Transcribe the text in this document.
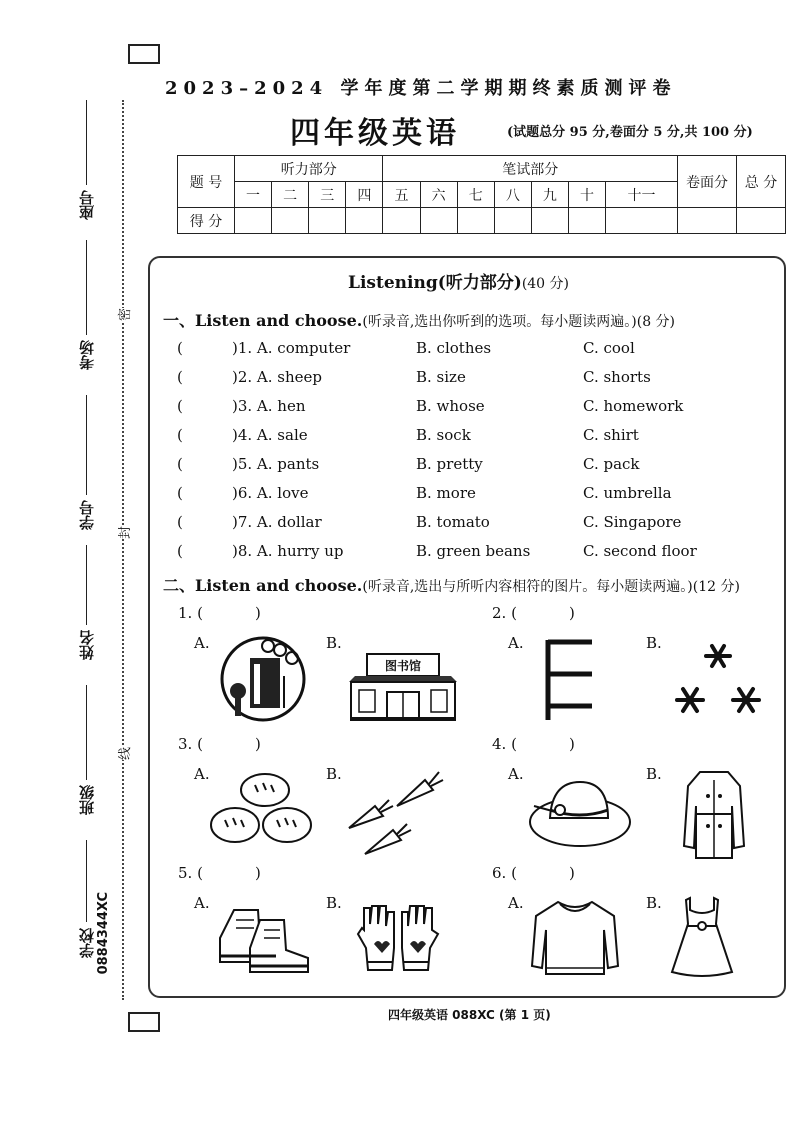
2023–2024 学年度第二学期期终素质测评卷
四年级英语	(试题总分 95 分,卷面分 5 分,共 100 分)
题 号	听力部分				笔试部分							卷面分	总 分
	一	二	三	四	五	六	七	八	九	十	十一		
得 分													
座号
考场
学号
姓名
班级
学校
密
封
线
0884344XC
Listening(听力部分)(40 分)
一、Listen and choose.(听录音,选出你听到的选项。每小题读两遍。)(8 分)
(	)1. A. computer	B. clothes	C. cool
(	)2. A. sheep	B. size	C. shorts
(	)3. A. hen	B. whose	C. homework
(	)4. A. sale	B. sock	C. shirt
(	)5. A. pants	B. pretty	C. pack
(	)6. A. love	B. more	C. umbrella
(	)7. A. dollar	B. tomato	C. Singapore
(	)8. A. hurry up	B. green beans	C. second floor
二、Listen and choose.(听录音,选出与所听内容相符的图片。每小题读两遍。)(12 分)
1. (	)	2. (	)
3. (	)	4. (	)
5. (	)	6. (	)
A.	B.	A.	B.
A.	B.	A.	B.
A.	B.	A.	B.
图书馆
四年级英语 088XC (第 1 页)
